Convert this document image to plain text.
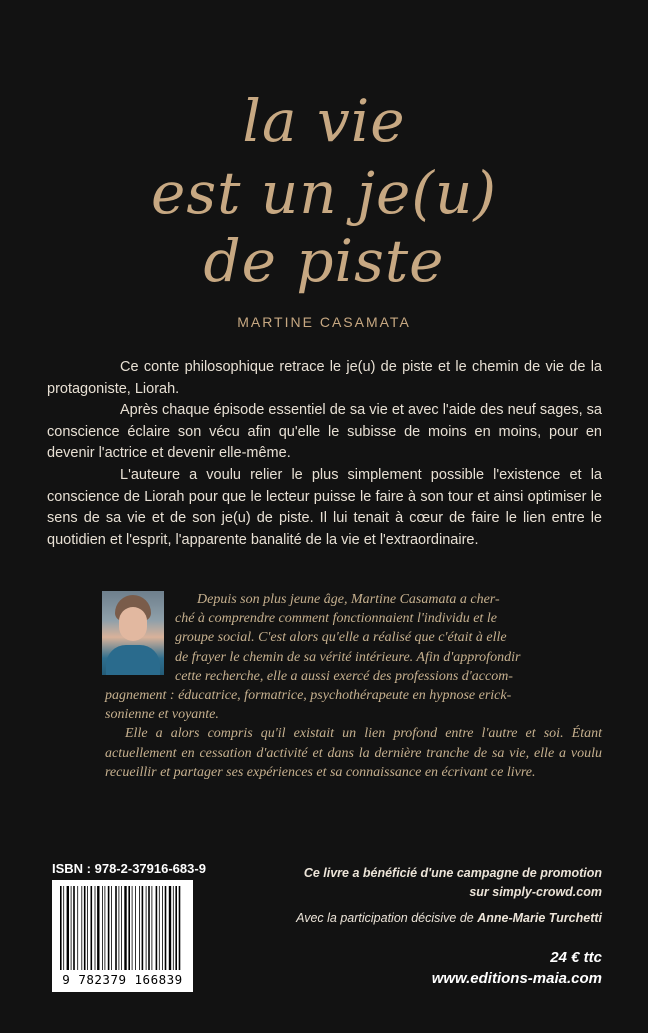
la vie
est un je(u)
de piste
MARTINE CASAMATA

Ce conte philosophique retrace le je(u) de piste et le chemin de vie de la protagoniste, Liorah.

Après chaque épisode essentiel de sa vie et avec l'aide des neuf sages, sa conscience éclaire son vécu afin qu'elle le subisse de moins en moins, pour en devenir l'actrice et devenir elle-même.

L'auteure a voulu relier le plus simplement possible l'existence et la conscience de Liorah pour que le lecteur puisse le faire à son tour et ainsi optimiser le sens de sa vie et de son je(u) de piste. Il lui tenait à cœur de faire le lien entre le quotidien et l'esprit, l'apparente banalité de la vie et l'extraordinaire.

Depuis son plus jeune âge, Martine Casamata a cher-

ché à comprendre comment fonctionnaient l'individu et le

groupe social. C'est alors qu'elle a réalisé que c'était à elle

de frayer le chemin de sa vérité intérieure. Afin d'approfondir

cette recherche, elle a aussi exercé des professions d'accom-

pagnement : éducatrice, formatrice, psychothérapeute en hypnose erick-

sonienne et voyante.

Elle a alors compris qu'il existait un lien profond entre l'autre et soi. Étant actuellement en cessation d'activité et dans la dernière tranche de sa vie, elle a voulu recueillir et partager ses expériences et sa connaissance en écrivant ce livre.

ISBN : 978-2-37916-683-9
9 782379 166839
Ce livre a bénéficié d'une campagne de promotion
sur simply-crowd.com
Avec la participation décisive de Anne-Marie Turchetti
24 € ttc
www.editions-maia.com
